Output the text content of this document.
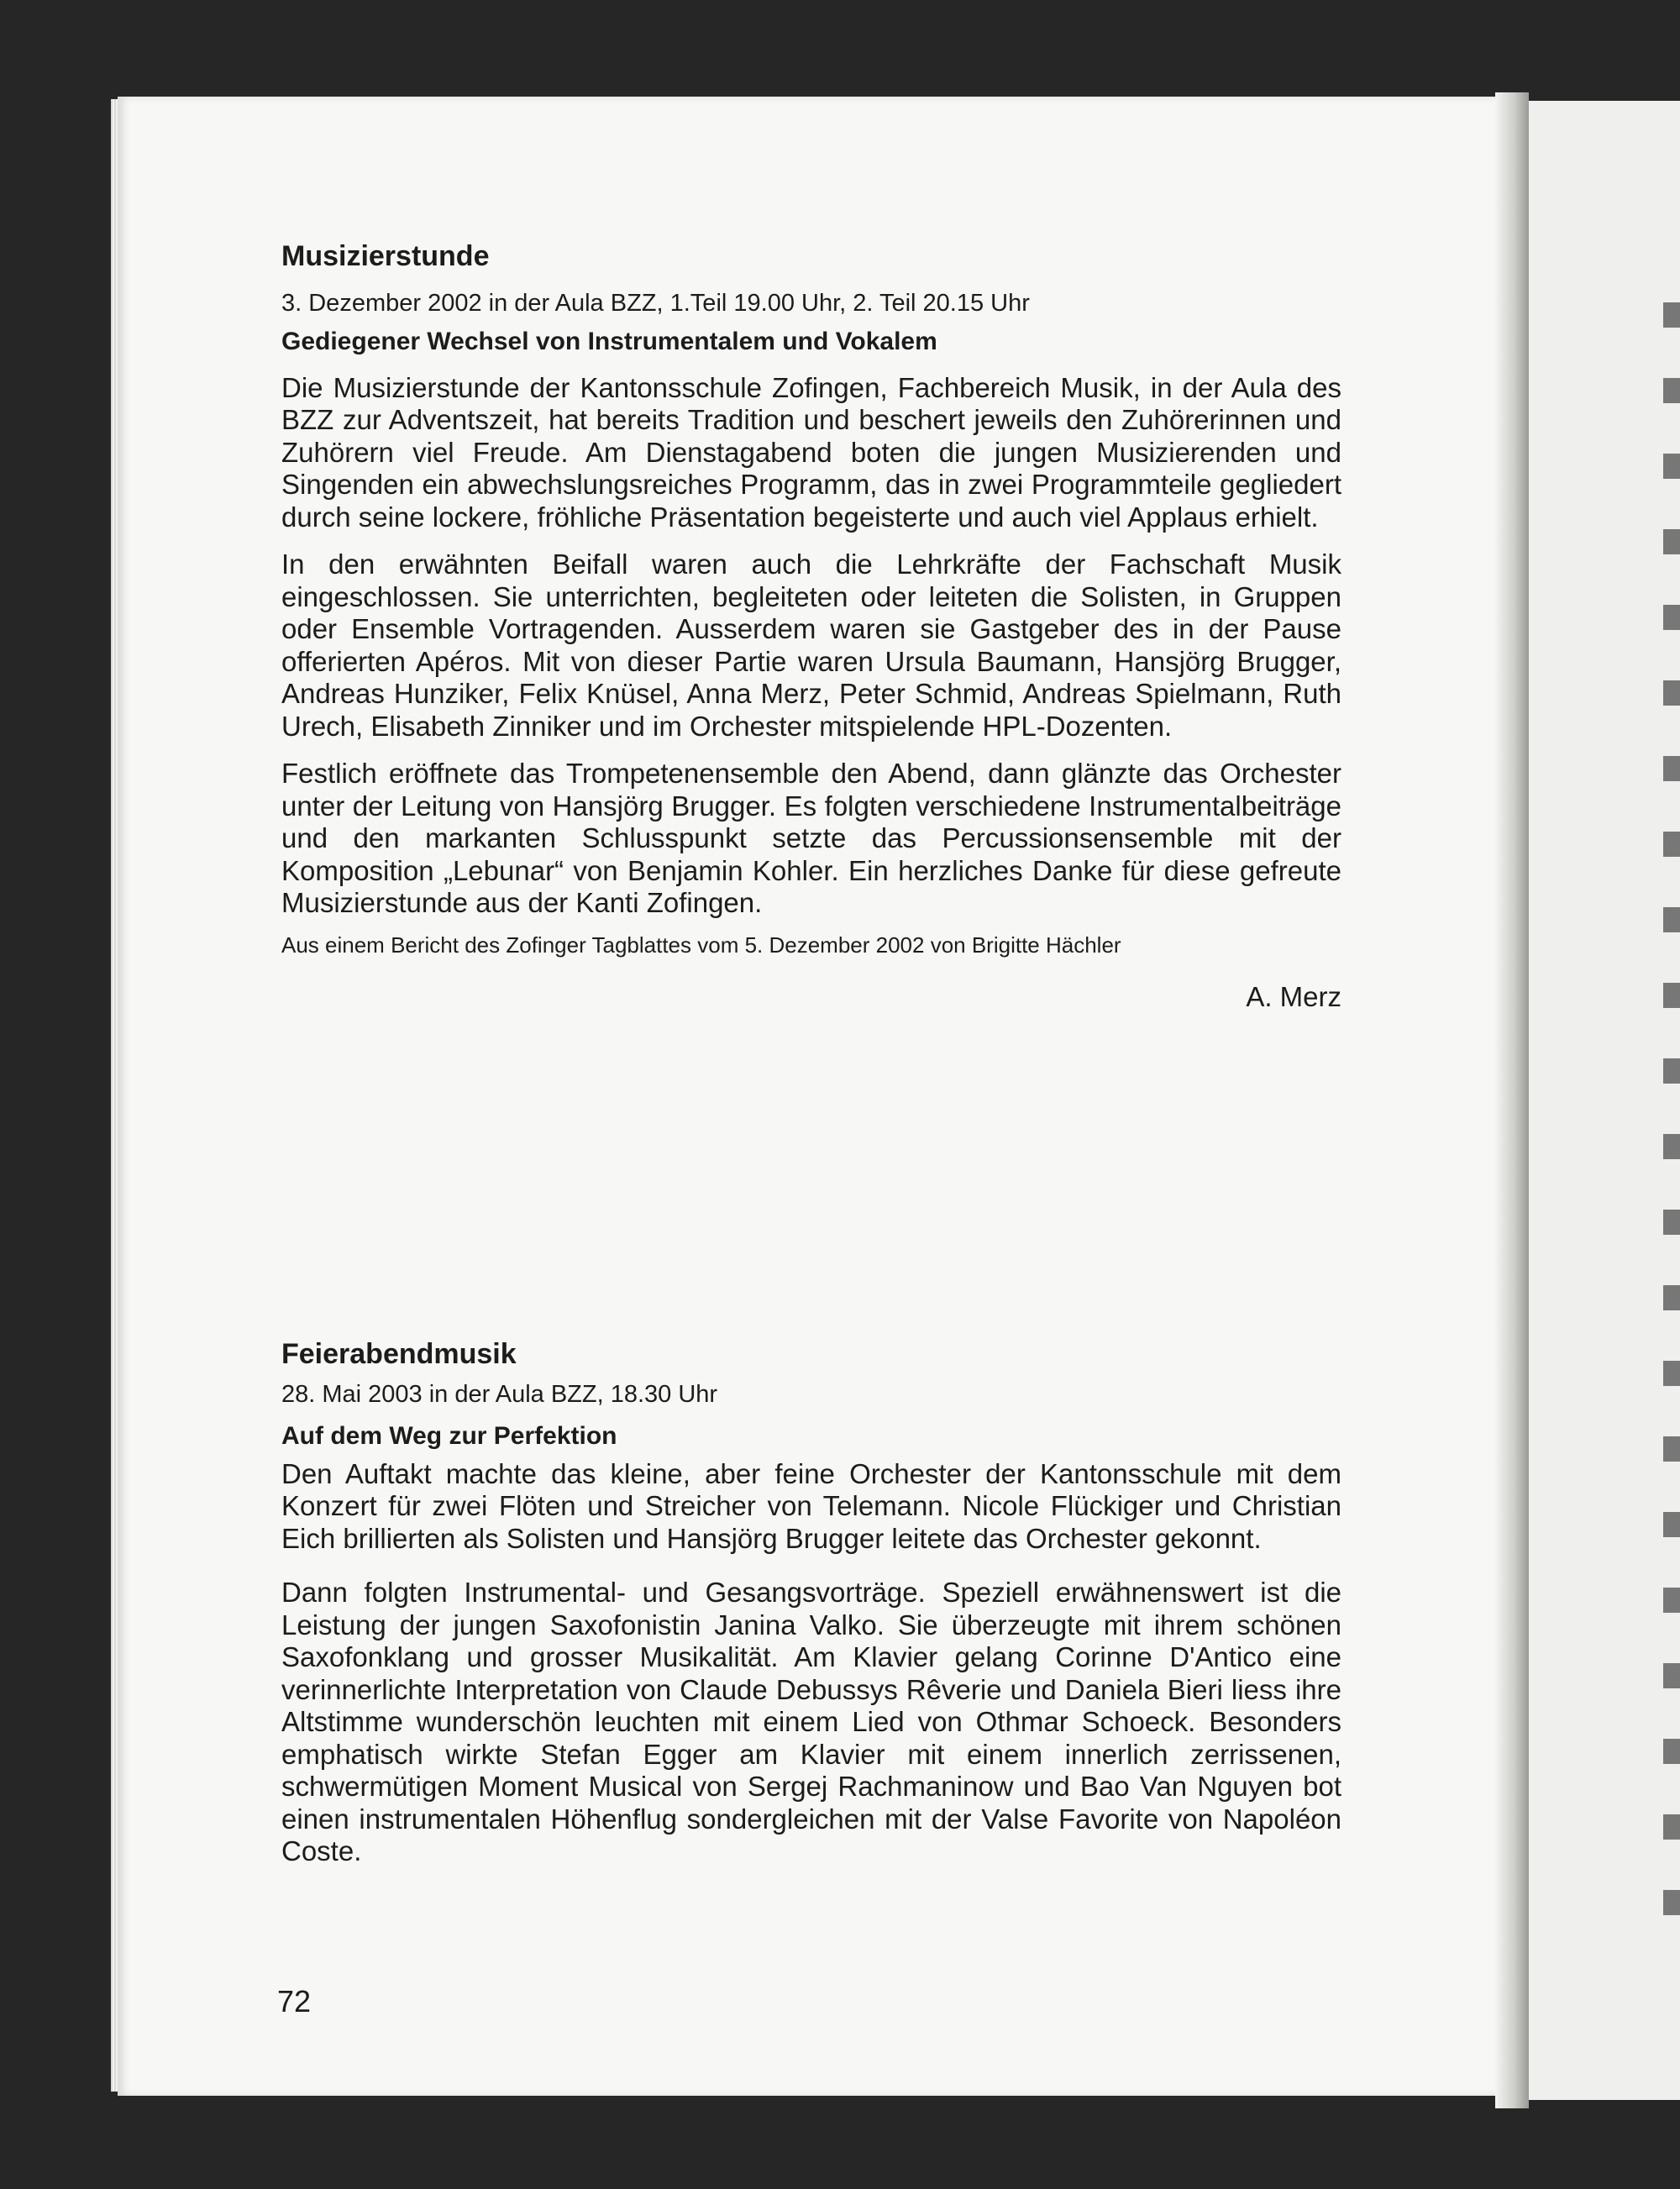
Musizierstunde

3. Dezember 2002 in der Aula BZZ, 1.Teil 19.00 Uhr, 2. Teil 20.15 Uhr

Gediegener Wechsel von Instrumentalem und Vokalem

Die Musizierstunde der Kantonsschule Zofingen, Fachbereich Musik, in der Aula des BZZ zur Adventszeit, hat bereits Tradition und beschert jeweils den Zuhörerinnen und Zuhörern viel Freude. Am Dienstagabend boten die jungen Musizierenden und Singenden ein abwechslungsreiches Programm, das in zwei Programmteile gegliedert durch seine lockere, fröhliche Präsentation begeisterte und auch viel Applaus erhielt.

In den erwähnten Beifall waren auch die Lehrkräfte der Fachschaft Musik eingeschlossen. Sie unterrichten, begleiteten oder leiteten die Solisten, in Gruppen oder Ensemble Vortragenden. Ausserdem waren sie Gastgeber des in der Pause offerierten Apéros. Mit von dieser Partie waren Ursula Baumann, Hansjörg Brugger, Andreas Hunziker, Felix Knüsel, Anna Merz, Peter Schmid, Andreas Spielmann, Ruth Urech, Elisabeth Zinniker und im Orchester mitspielende HPL-Dozenten.

Festlich eröffnete das Trompetenensemble den Abend, dann glänzte das Orchester unter der Leitung von Hansjörg Brugger. Es folgten verschiedene Instrumentalbeiträge und den markanten Schlusspunkt setzte das Percussionsensemble mit der Komposition „Lebunar“ von Benjamin Kohler. Ein herzliches Danke für diese gefreute Musizierstunde aus der Kanti Zofingen.

Aus einem Bericht des Zofinger Tagblattes vom 5. Dezember 2002 von Brigitte Hächler

A. Merz

Feierabendmusik

28. Mai 2003 in der Aula BZZ, 18.30 Uhr

Auf dem Weg zur Perfektion

Den Auftakt machte das kleine, aber feine Orchester der Kantonsschule mit dem Konzert für zwei Flöten und Streicher von Telemann. Nicole Flückiger und Christian Eich brillierten als Solisten und Hansjörg Brugger leitete das Orchester gekonnt.

Dann folgten Instrumental- und Gesangsvorträge. Speziell erwähnenswert ist die Leistung der jungen Saxofonistin Janina Valko. Sie überzeugte mit ihrem schönen Saxofonklang und grosser Musikalität. Am Klavier gelang Corinne D'Antico eine verinnerlichte Interpretation von Claude Debussys Rêverie und Daniela Bieri liess ihre Altstimme wunderschön leuchten mit einem Lied von Othmar Schoeck. Besonders emphatisch wirkte Stefan Egger am Klavier mit einem innerlich zerrissenen, schwermütigen Moment Musical von Sergej Rachmaninow und Bao Van Nguyen bot einen instrumentalen Höhenflug sondergleichen mit der Valse Favorite von Napoléon Coste.

72
